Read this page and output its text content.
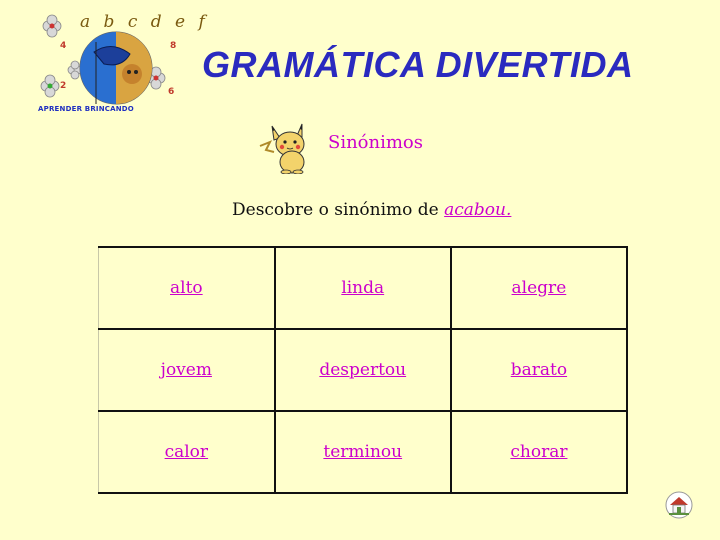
4	8
2
6
a b c d e f
APRENDER BRINCANDO
GRAMÁTICA DIVERTIDA
Sinónimos
Descobre o sinónimo de acabou.
alto	linda	alegre
jovem	despertou	barato
calor	terminou	chorar
